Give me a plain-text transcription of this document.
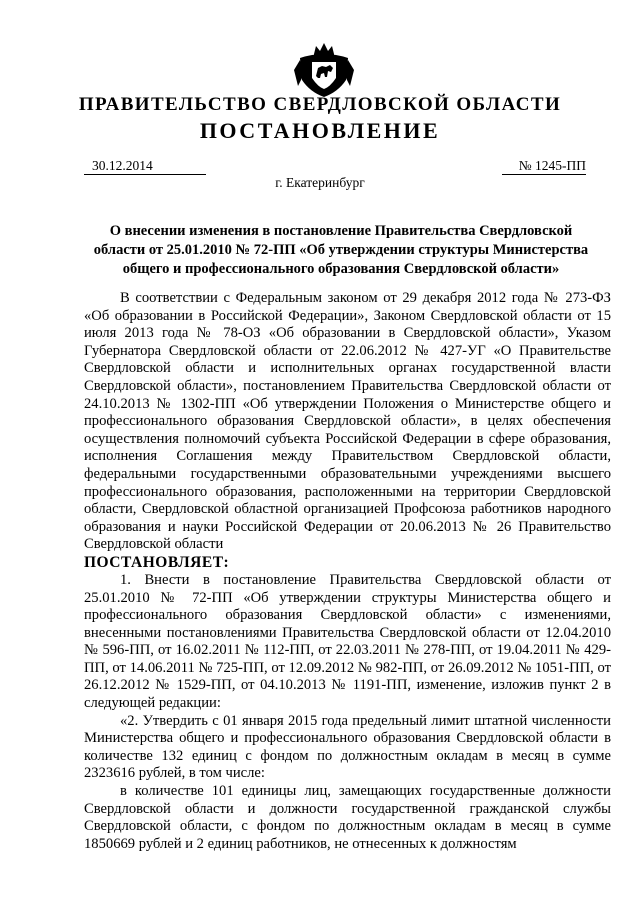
ПРАВИТЕЛЬСТВО СВЕРДЛОВСКОЙ ОБЛАСТИ
ПОСТАНОВЛЕНИЕ
30.12.2014	№ 1245-ПП
г. Екатеринбург
О внесении изменения в постановление Правительства Свердловской области от 25.01.2010 № 72-ПП «Об утверждении структуры Министерства общего и профессионального образования Свердловской области»

В соответствии с Федеральным законом от 29 декабря 2012 года № 273-ФЗ «Об образовании в Российской Федерации», Законом Свердловской области от 15 июля 2013 года № 78-ОЗ «Об образовании в Свердловской области», Указом Губернатора Свердловской области от 22.06.2012 № 427-УГ «О Правительстве Свердловской области и исполнительных органах государственной власти Свердловской области», постановлением Правительства Свердловской области от 24.10.2013 № 1302-ПП «Об утверждении Положения о Министерстве общего и профессионального образования Свердловской области», в целях обеспечения осуществления полномочий субъекта Российской Федерации в сфере образования, исполнения Соглашения между Правительством Свердловской области, федеральными государственными образовательными учреждениями высшего профессионального образования, расположенными на территории Свердловской области, Свердловской областной организацией Профсоюза работников народного образования и науки Российской Федерации от 20.06.2013 № 26 Правительство Свердловской области

ПОСТАНОВЛЯЕТ:

1. Внести в постановление Правительства Свердловской области от 25.01.2010 № 72-ПП «Об утверждении структуры Министерства общего и профессионального образования Свердловской области» с изменениями, внесенными постановлениями Правительства Свердловской области от 12.04.2010 № 596-ПП, от 16.02.2011 № 112-ПП, от 22.03.2011 № 278-ПП, от 19.04.2011 № 429-ПП, от 14.06.2011 № 725-ПП, от 12.09.2012 № 982-ПП, от 26.09.2012 № 1051-ПП, от 26.12.2012 № 1529-ПП, от 04.10.2013 № 1191-ПП, изменение, изложив пункт 2 в следующей редакции:

«2. Утвердить с 01 января 2015 года предельный лимит штатной численности Министерства общего и профессионального образования Свердловской области в количестве 132 единиц с фондом по должностным окладам в месяц в сумме 2323616 рублей, в том числе:

в количестве 101 единицы лиц, замещающих государственные должности Свердловской области и должности государственной гражданской службы Свердловской области, с фондом по должностным окладам в месяц в сумме 1850669 рублей и 2 единиц работников, не отнесенных к должностям
